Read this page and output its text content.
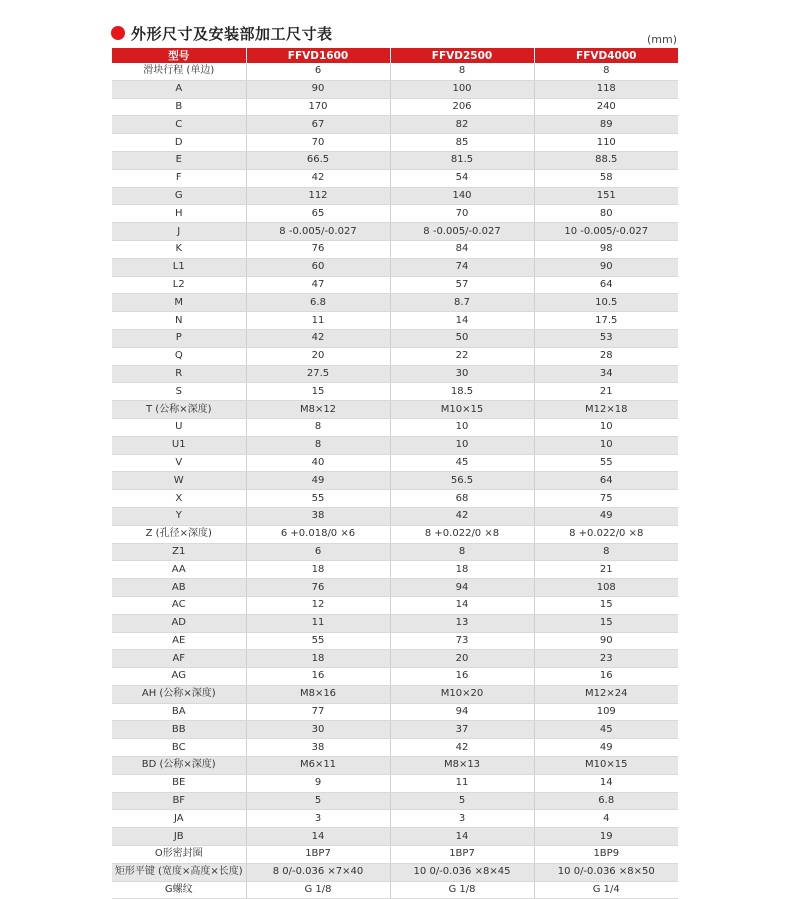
外形尺寸及安装部加工尺寸表	(mm)
型号	FFVD1600	FFVD2500	FFVD4000
滑块行程 (单边)	6	8	8
A	90	100	118
B	170	206	240
C	67	82	89
D	70	85	110
E	66.5	81.5	88.5
F	42	54	58
G	112	140	151
H	65	70	80
J	8 -0.005/-0.027	8 -0.005/-0.027	10 -0.005/-0.027
K	76	84	98
L1	60	74	90
L2	47	57	64
M	6.8	8.7	10.5
N	11	14	17.5
P	42	50	53
Q	20	22	28
R	27.5	30	34
S	15	18.5	21
T (公称×深度)	M8×12	M10×15	M12×18
U	8	10	10
U1	8	10	10
V	40	45	55
W	49	56.5	64
X	55	68	75
Y	38	42	49
Z (孔径×深度)	6 +0.018/0 ×6	8 +0.022/0 ×8	8 +0.022/0 ×8
Z1	6	8	8
AA	18	18	21
AB	76	94	108
AC	12	14	15
AD	11	13	15
AE	55	73	90
AF	18	20	23
AG	16	16	16
AH (公称×深度)	M8×16	M10×20	M12×24
BA	77	94	109
BB	30	37	45
BC	38	42	49
BD (公称×深度)	M6×11	M8×13	M10×15
BE	9	11	14
BF	5	5	6.8
JA	3	3	4
JB	14	14	19
O形密封圈	1BP7	1BP7	1BP9
矩形平键 (宽度×高度×长度)	8 0/-0.036 ×7×40	10 0/-0.036 ×8×45	10 0/-0.036 ×8×50
G螺纹	G 1/8	G 1/8	G 1/4
